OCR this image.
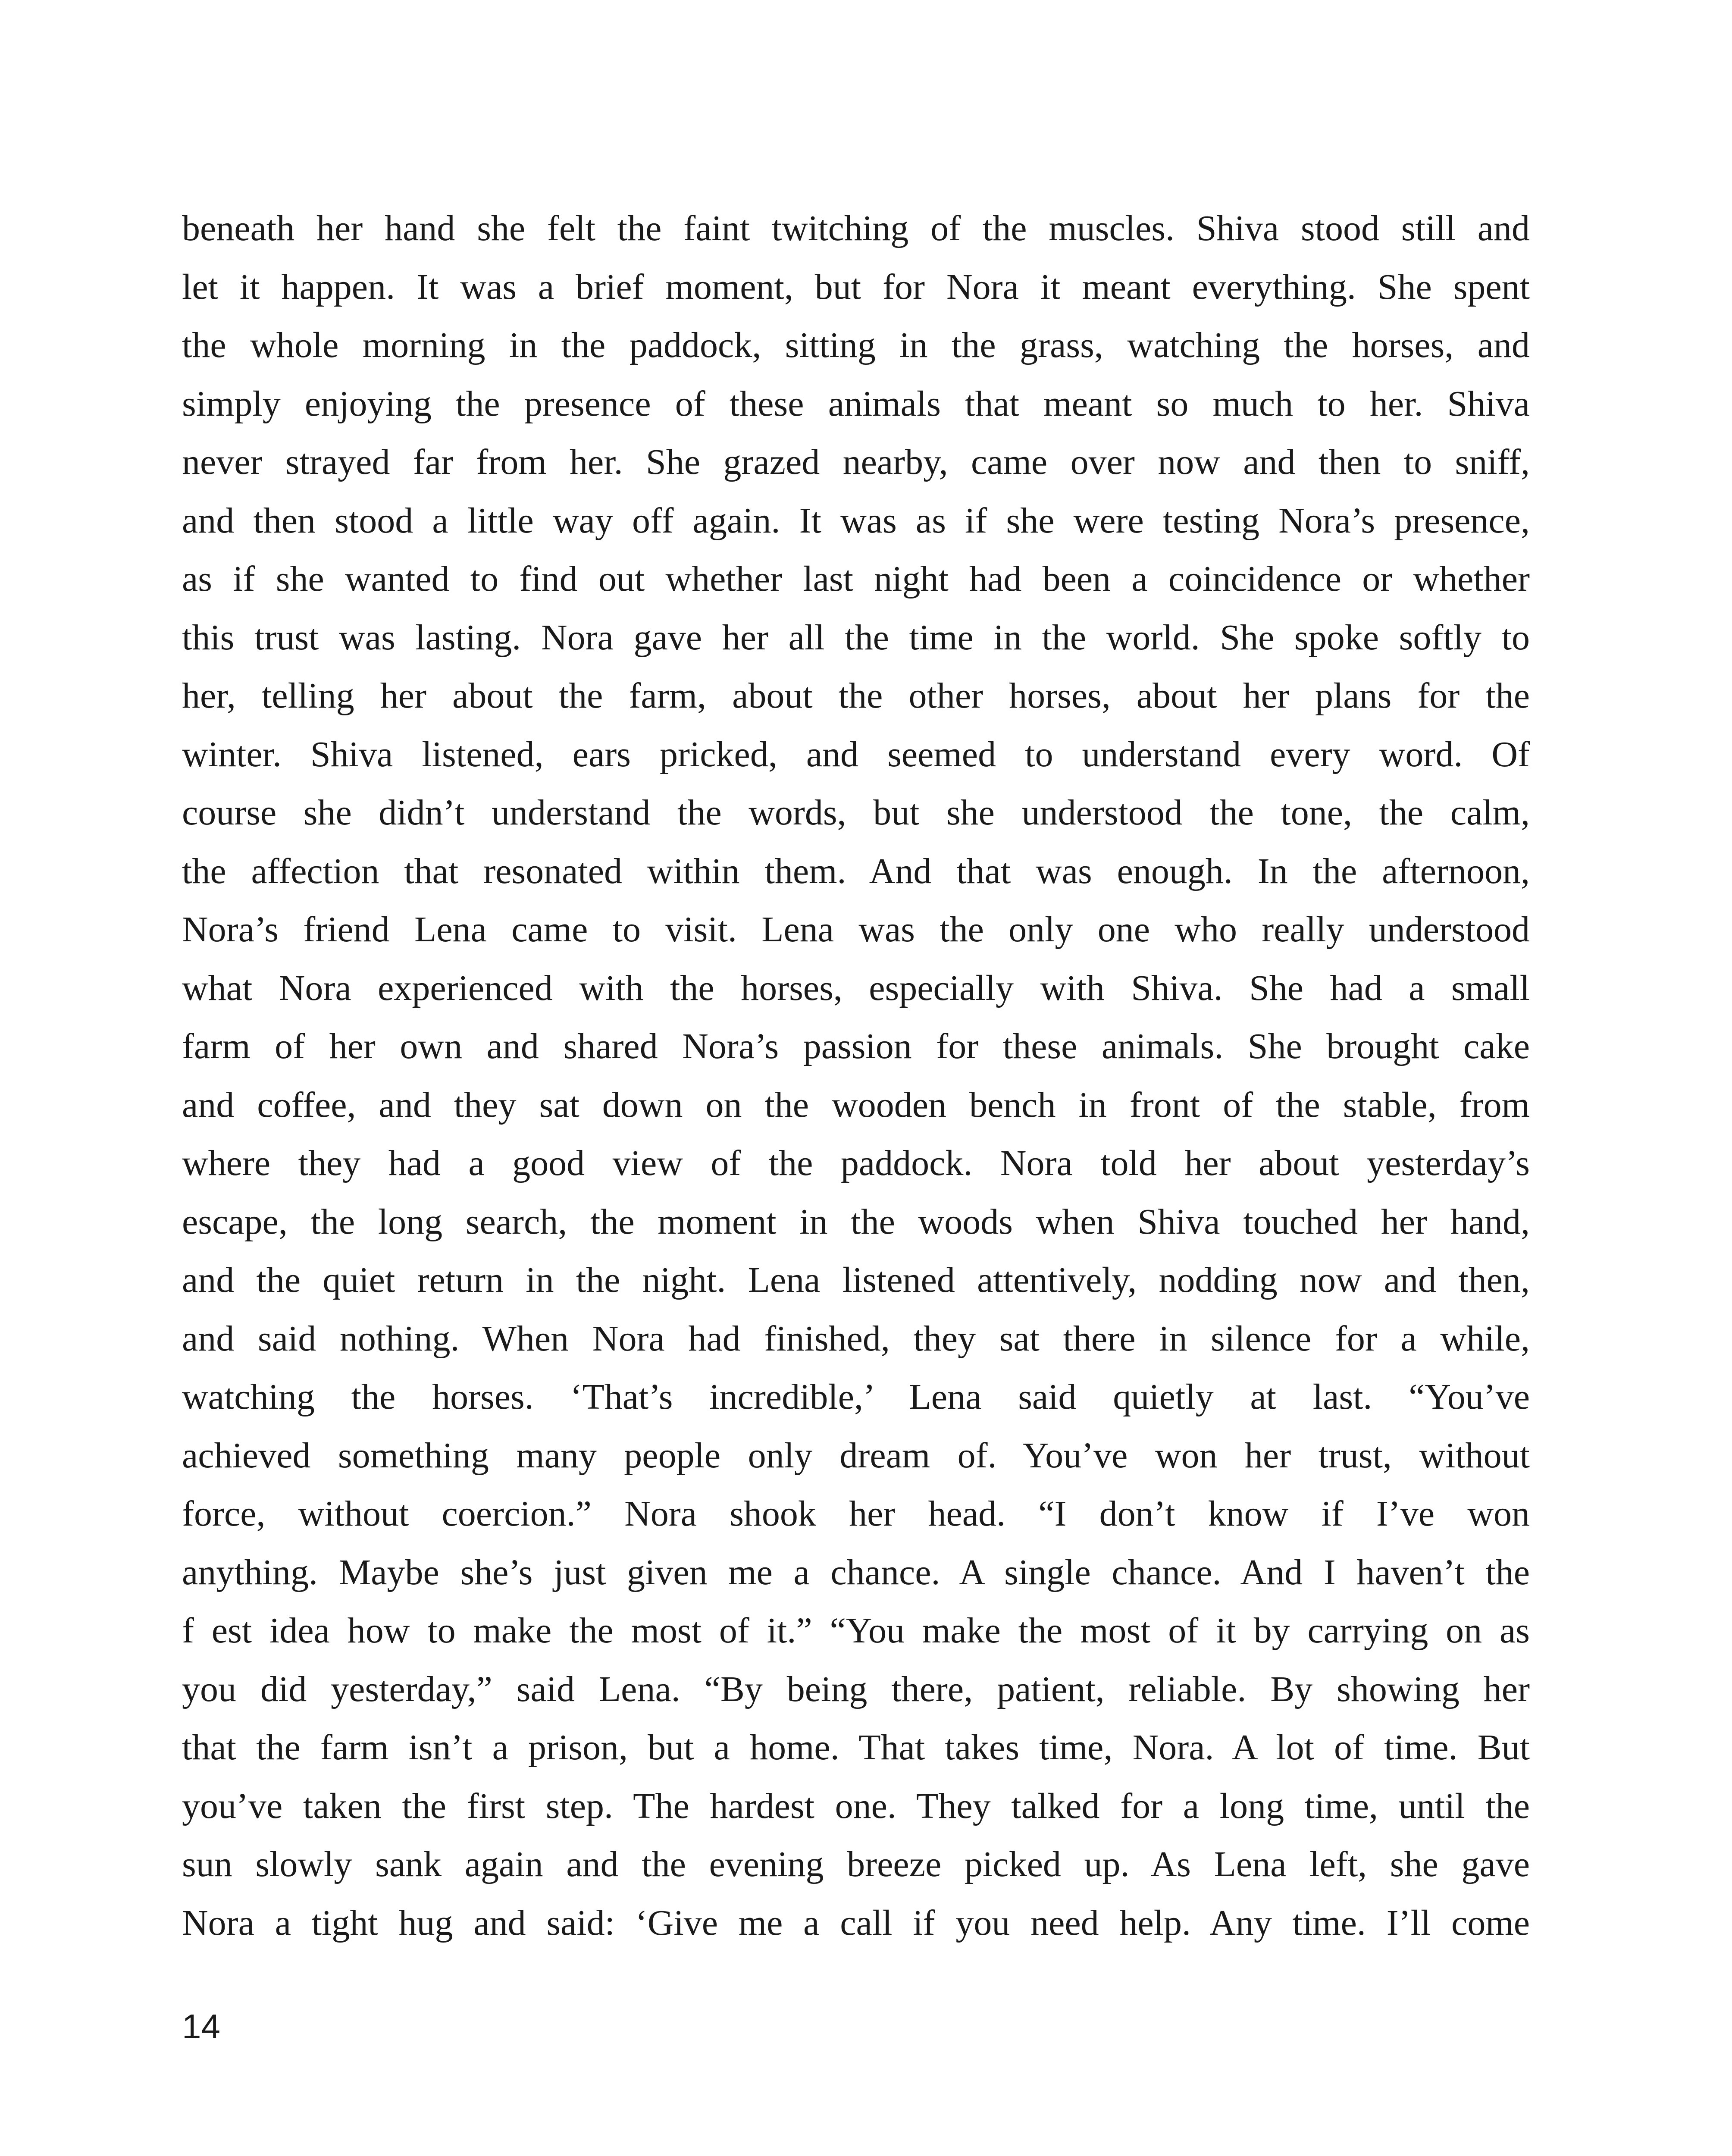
beneath her hand she felt the faint twitching of the muscles. Shiva stood still and
let it happen. It was a brief moment, but for Nora it meant everything. She spent
the whole morning in the paddock, sitting in the grass, watching the horses, and
simply enjoying the presence of these animals that meant so much to her. Shiva
never strayed far from her. She grazed nearby, came over now and then to sniff,
and then stood a little way off again. It was as if she were testing Nora’s presence,
as if she wanted to find out whether last night had been a coincidence or whether
this trust was lasting. Nora gave her all the time in the world. She spoke softly to
her, telling her about the farm, about the other horses, about her plans for the
winter. Shiva listened, ears pricked, and seemed to understand every word. Of
course she didn’t understand the words, but she understood the tone, the calm,
the affection that resonated within them. And that was enough. In the afternoon,
Nora’s friend Lena came to visit. Lena was the only one who really understood
what Nora experienced with the horses, especially with Shiva. She had a small
farm of her own and shared Nora’s passion for these animals. She brought cake
and coffee, and they sat down on the wooden bench in front of the stable, from
where they had a good view of the paddock. Nora told her about yesterday’s
escape, the long search, the moment in the woods when Shiva touched her hand,
and the quiet return in the night. Lena listened attentively, nodding now and then,
and said nothing. When Nora had finished, they sat there in silence for a while,
watching the horses. ‘That’s incredible,’ Lena said quietly at last. “You’ve
achieved something many people only dream of. You’ve won her trust, without
force, without coercion.” Nora shook her head. “I don’t know if I’ve won
anything. Maybe she’s just given me a chance. A single chance. And I haven’t the
f est idea how to make the most of it.” “You make the most of it by carrying on as
you did yesterday,” said Lena. “By being there, patient, reliable. By showing her
that the farm isn’t a prison, but a home. That takes time, Nora. A lot of time. But
you’ve taken the first step. The hardest one. They talked for a long time, until the
sun slowly sank again and the evening breeze picked up. As Lena left, she gave
Nora a tight hug and said: ‘Give me a call if you need help. Any time. I’ll come
14
